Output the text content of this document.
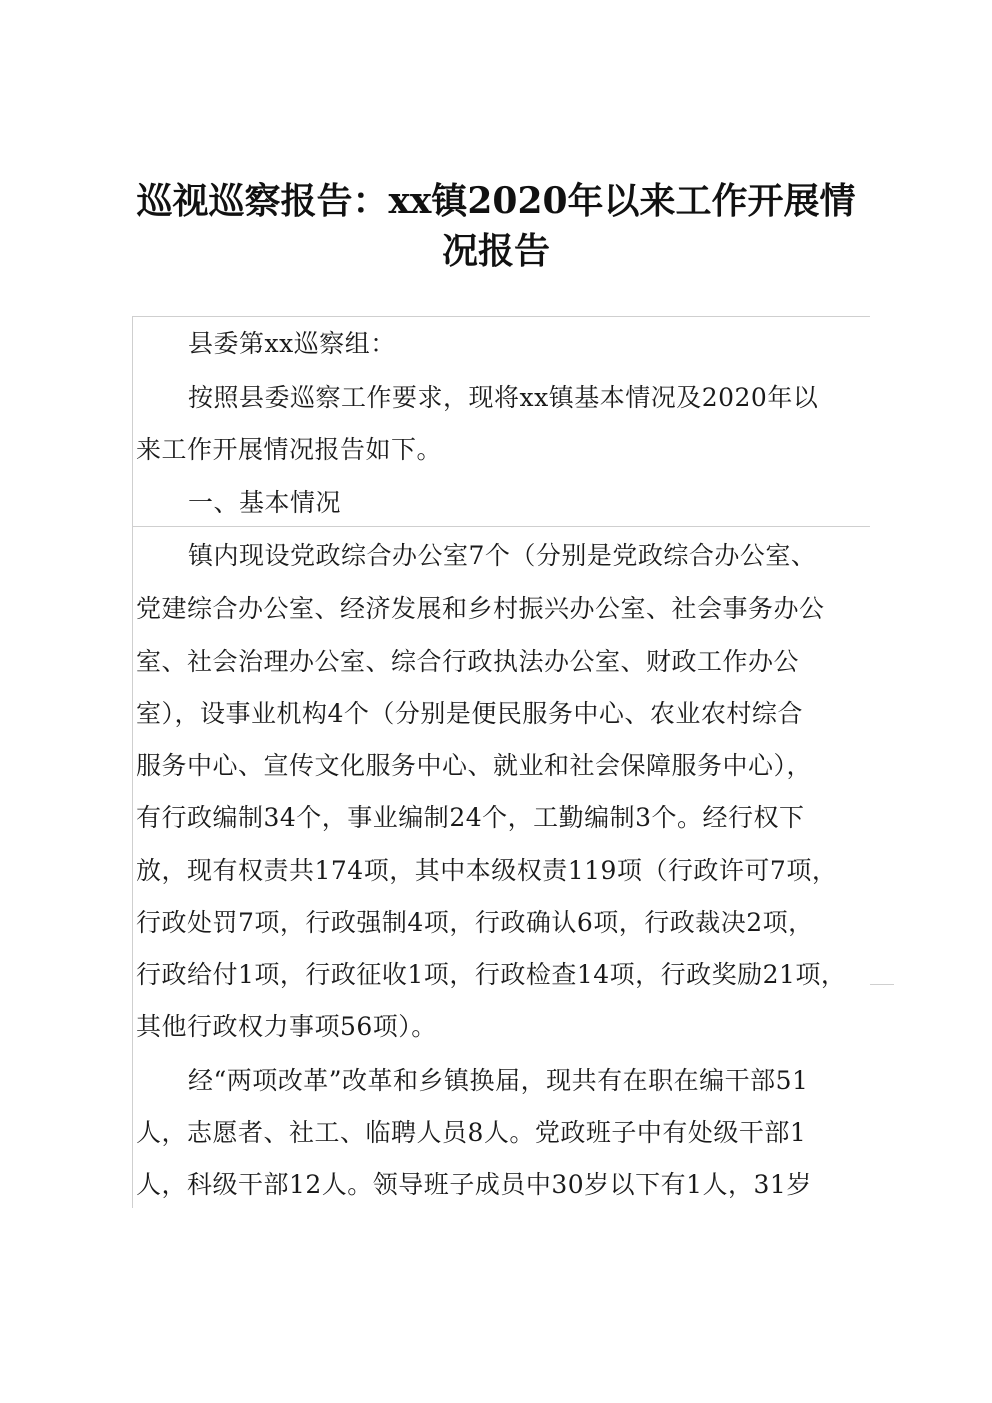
巡视巡察报告：xx镇2020年以来工作开展情
况报告
县委第xx巡察组：
按照县委巡察工作要求，现将xx镇基本情况及2020年以
来工作开展情况报告如下。
一、基本情况
镇内现设党政综合办公室7个（分别是党政综合办公室、
党建综合办公室、经济发展和乡村振兴办公室、社会事务办公
室、社会治理办公室、综合行政执法办公室、财政工作办公
室），设事业机构4个（分别是便民服务中心、农业农村综合
服务中心、宣传文化服务中心、就业和社会保障服务中心），
有行政编制34个，事业编制24个，工勤编制3个。经行权下
放，现有权责共174项，其中本级权责119项（行政许可7项，
行政处罚7项，行政强制4项，行政确认6项，行政裁决2项，
行政给付1项，行政征收1项，行政检查14项，行政奖励21项，
其他行政权力事项56项）。
经“两项改革”改革和乡镇换届，现共有在职在编干部51
人，志愿者、社工、临聘人员8人。党政班子中有处级干部1
人，科级干部12人。领导班子成员中30岁以下有1人，31岁
